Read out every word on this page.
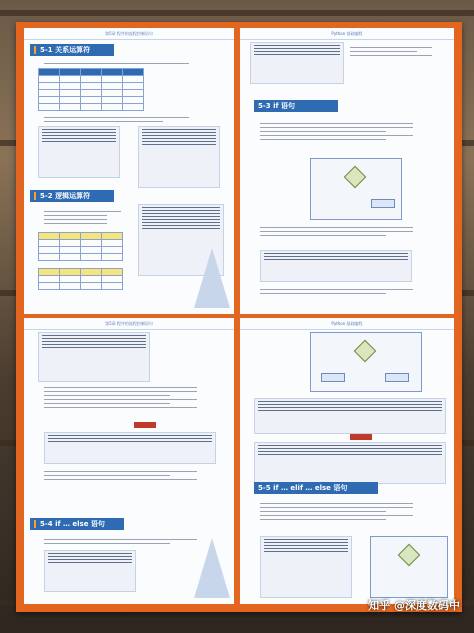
第5章 程序的流程控制语句
5-1 关系运算符

5-2 逻辑运算符

Python 基础编程
5-3 if 语句
第5章 程序的流程控制语句
5-4 if … else 语句
Python 基础编程
5-5 if … elif … else 语句
知乎 @深度数码中
